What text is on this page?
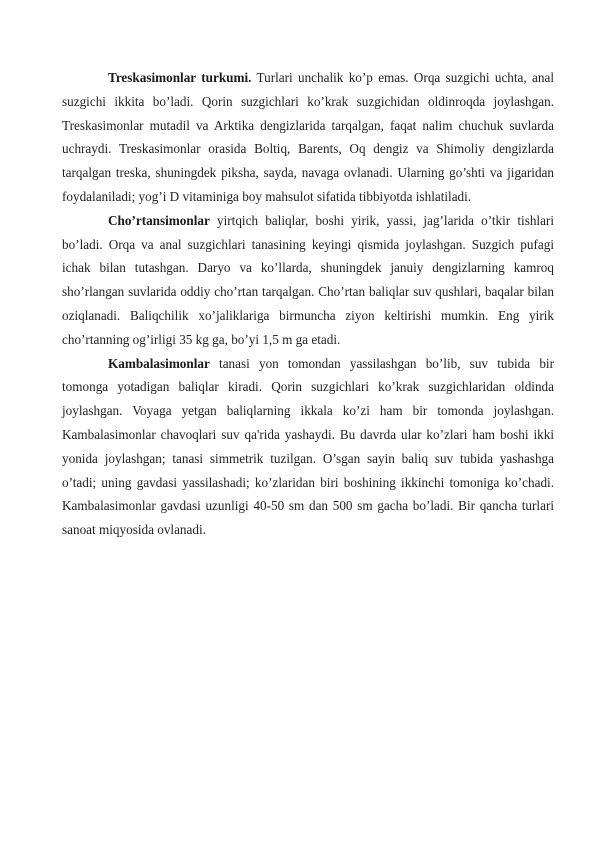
Treskasimonlar turkumi. Turlari unchalik ko’p emas. Orqa suzgichi uchta, anal suzgichi ikkita bo’ladi. Qorin suzgichlari ko’krak suzgichidan oldinroqda joylashgan. Treskasimonlar mutadil va Arktika dengizlarida tarqalgan, faqat nalim chuchuk suvlarda uchraydi. Treskasimonlar orasida Boltiq, Barents, Oq dengiz va Shimoliy dengizlarda tarqalgan treska, shuningdek piksha, sayda, navaga ovlanadi. Ularning go’shti va jigaridan foydalaniladi; yog’i D vitaminiga boy mahsulot sifatida tibbiyotda ishlatiladi.

Cho’rtansimonlar yirtqich baliqlar, boshi yirik, yassi, jag’larida o’tkir tishlari bo’ladi. Orqa va anal suzgichlari tanasining keyingi qismida joylashgan. Suzgich pufagi ichak bilan tutashgan. Daryo va ko’llarda, shuningdek januiy dengizlarning kamroq sho’rlangan suvlarida oddiy cho’rtan tarqalgan. Cho’rtan baliqlar suv qushlari, baqalar bilan oziqlanadi. Baliqchilik xo’jaliklariga birmuncha ziyon keltirishi mumkin. Eng yirik cho’rtanning og’irligi 35 kg ga, bo’yi 1,5 m ga etadi.

Kambalasimonlar tanasi yon tomondan yassilashgan bo’lib, suv tubida bir tomonga yotadigan baliqlar kiradi. Qorin suzgichlari ko’krak suzgichlaridan oldinda joylashgan. Voyaga yetgan baliqlarning ikkala ko’zi ham bir tomonda joylashgan. Kambalasimonlar chavoqlari suv qa'rida yashaydi. Bu davrda ular ko’zlari ham boshi ikki yonida joylashgan; tanasi simmetrik tuzilgan. O’sgan sayin baliq suv tubida yashashga o’tadi; uning gavdasi yassilashadi; ko’zlaridan biri boshining ikkinchi tomoniga ko’chadi. Kambalasimonlar gavdasi uzunligi 40-50 sm dan 500 sm gacha bo’ladi. Bir qancha turlari sanoat miqyosida ovlanadi.
